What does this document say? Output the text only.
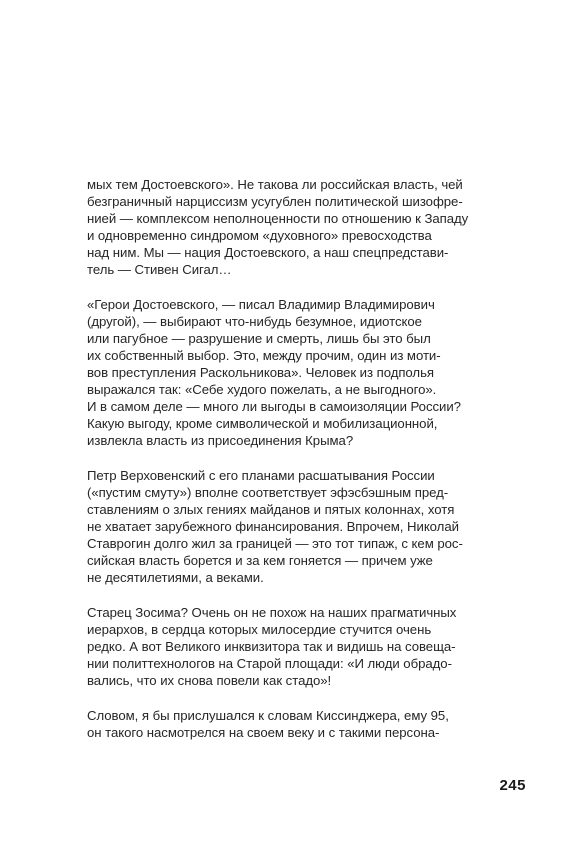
мых тем Достоевского». Не такова ли российская власть, чей
безграничный нарциссизм усугублен политической шизофре-
нией — комплексом неполноценности по отношению к Западу
и одновременно синдромом «духовного» превосходства
над ним. Мы — нация Достоевского, а наш спецпредстави-
тель — Стивен Сигал…

«Герои Достоевского, — писал Владимир Владимирович
(другой), — выбирают что-нибудь безумное, идиотское
или пагубное — разрушение и смерть, лишь бы это был
их собственный выбор. Это, между прочим, один из моти-
вов преступления Раскольникова». Человек из подполья
выражался так: «Себе худого пожелать, а не выгодного».
И в самом деле — много ли выгоды в самоизоляции России?
Какую выгоду, кроме символической и мобилизационной,
извлекла власть из присоединения Крыма?

Петр Верховенский с его планами расшатывания России
(«пустим смуту») вполне соответствует эфэсбэшным пред-
ставлениям о злых гениях майданов и пятых колоннах, хотя
не хватает зарубежного финансирования. Впрочем, Николай
Ставрогин долго жил за границей — это тот типаж, с кем рос-
сийская власть борется и за кем гоняется — причем уже
не десятилетиями, а веками.

Старец Зосима? Очень он не похож на наших прагматичных
иерархов, в сердца которых милосердие стучится очень
редко. А вот Великого инквизитора так и видишь на совеща-
нии политтехнологов на Старой площади: «И люди обрадо-
вались, что их снова повели как стадо»!

Словом, я бы прислушался к словам Киссинджера, ему 95,
он такого насмотрелся на своем веку и с такими персона-

245
